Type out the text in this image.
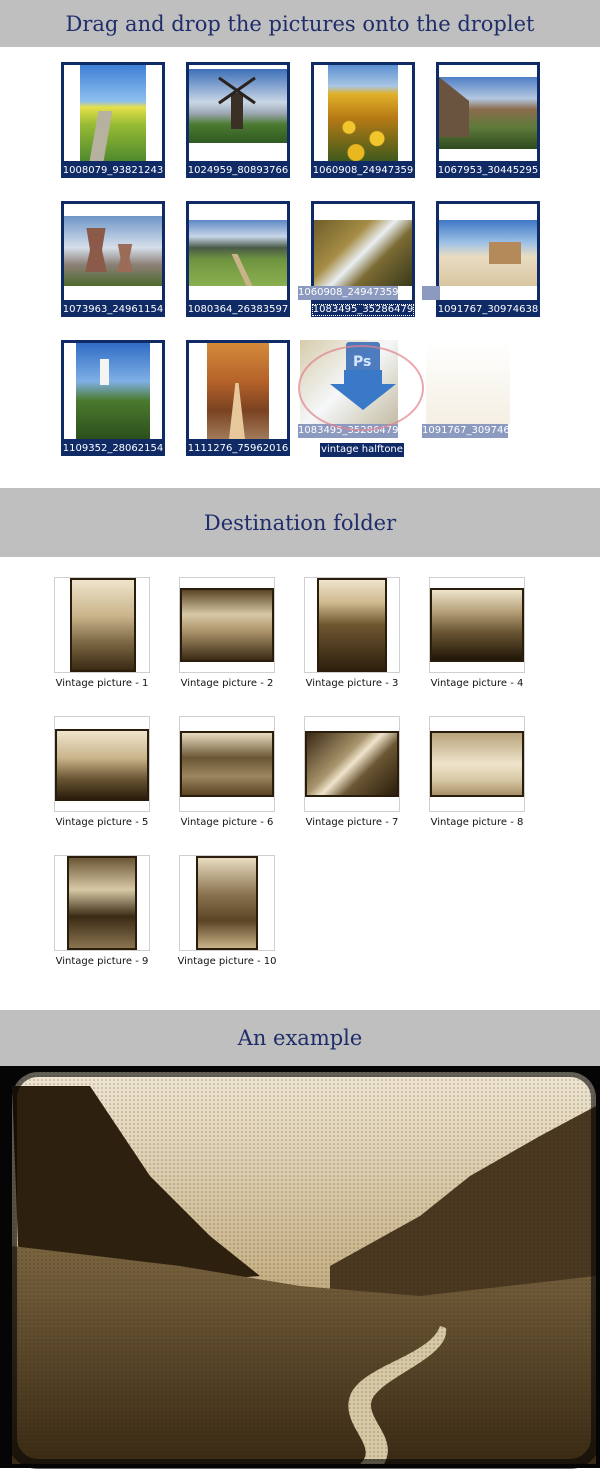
Drag and drop the pictures onto the droplet
1008079_93821243 1024959_80893766 1060908_24947359 1067953_30445295
1073963_24961154 1080364_26383597 1083495_35286479 1091767_30974638
1109352_28062154 1111276_75962016
1060908_24947359
1083495_35286479 1091767_30974638
Ps
vintage halftone
Destination folder
Vintage picture - 1	Vintage picture - 2	Vintage picture - 3	Vintage picture - 4
Vintage picture - 5	Vintage picture - 6	Vintage picture - 7	Vintage picture - 8
Vintage picture - 9	Vintage picture - 10
An example
